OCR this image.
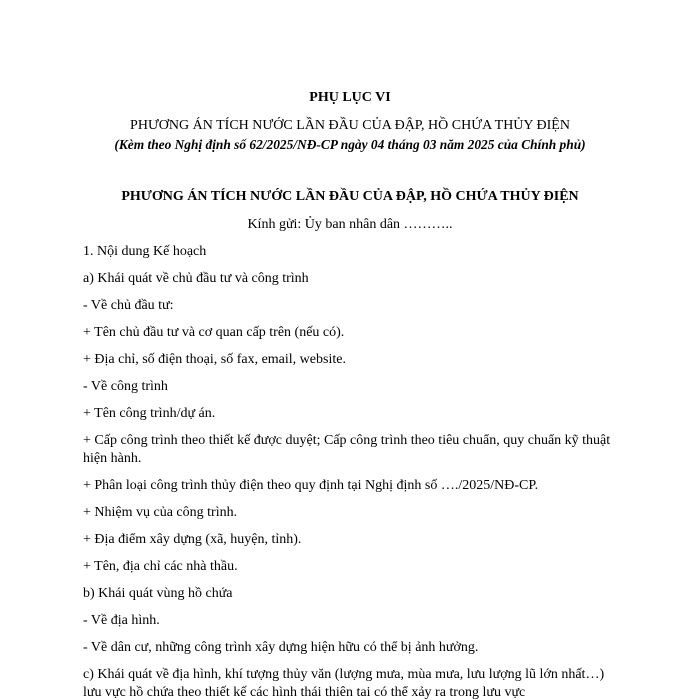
PHỤ LỤC VI
PHƯƠNG ÁN TÍCH NƯỚC LẦN ĐẦU CỦA ĐẬP, HỒ CHỨA THỦY ĐIỆN
(Kèm theo Nghị định số 62/2025/NĐ-CP ngày 04 tháng 03 năm 2025 của Chính phủ)
PHƯƠNG ÁN TÍCH NƯỚC LẦN ĐẦU CỦA ĐẬP, HỒ CHỨA THỦY ĐIỆN
Kính gửi: Ủy ban nhân dân ………..

1. Nội dung Kế hoạch

a) Khái quát về chủ đầu tư và công trình

- Về chủ đầu tư:

+ Tên chủ đầu tư và cơ quan cấp trên (nếu có).

+ Địa chỉ, số điện thoại, số fax, email, website.

- Về công trình

+ Tên công trình/dự án.

+ Cấp công trình theo thiết kế được duyệt; Cấp công trình theo tiêu chuẩn, quy chuẩn kỹ thuật hiện hành.

+ Phân loại công trình thủy điện theo quy định tại Nghị định số …./2025/NĐ-CP.

+ Nhiệm vụ của công trình.

+ Địa điểm xây dựng (xã, huyện, tỉnh).

+ Tên, địa chỉ các nhà thầu.

b) Khái quát vùng hồ chứa

- Về địa hình.

- Về dân cư, những công trình xây dựng hiện hữu có thể bị ảnh hưởng.

c) Khái quát về địa hình, khí tượng thủy văn (lượng mưa, mùa mưa, lưu lượng lũ lớn nhất…) lưu vực hồ chứa theo thiết kế các hình thái thiên tai có thể xảy ra trong lưu vực
